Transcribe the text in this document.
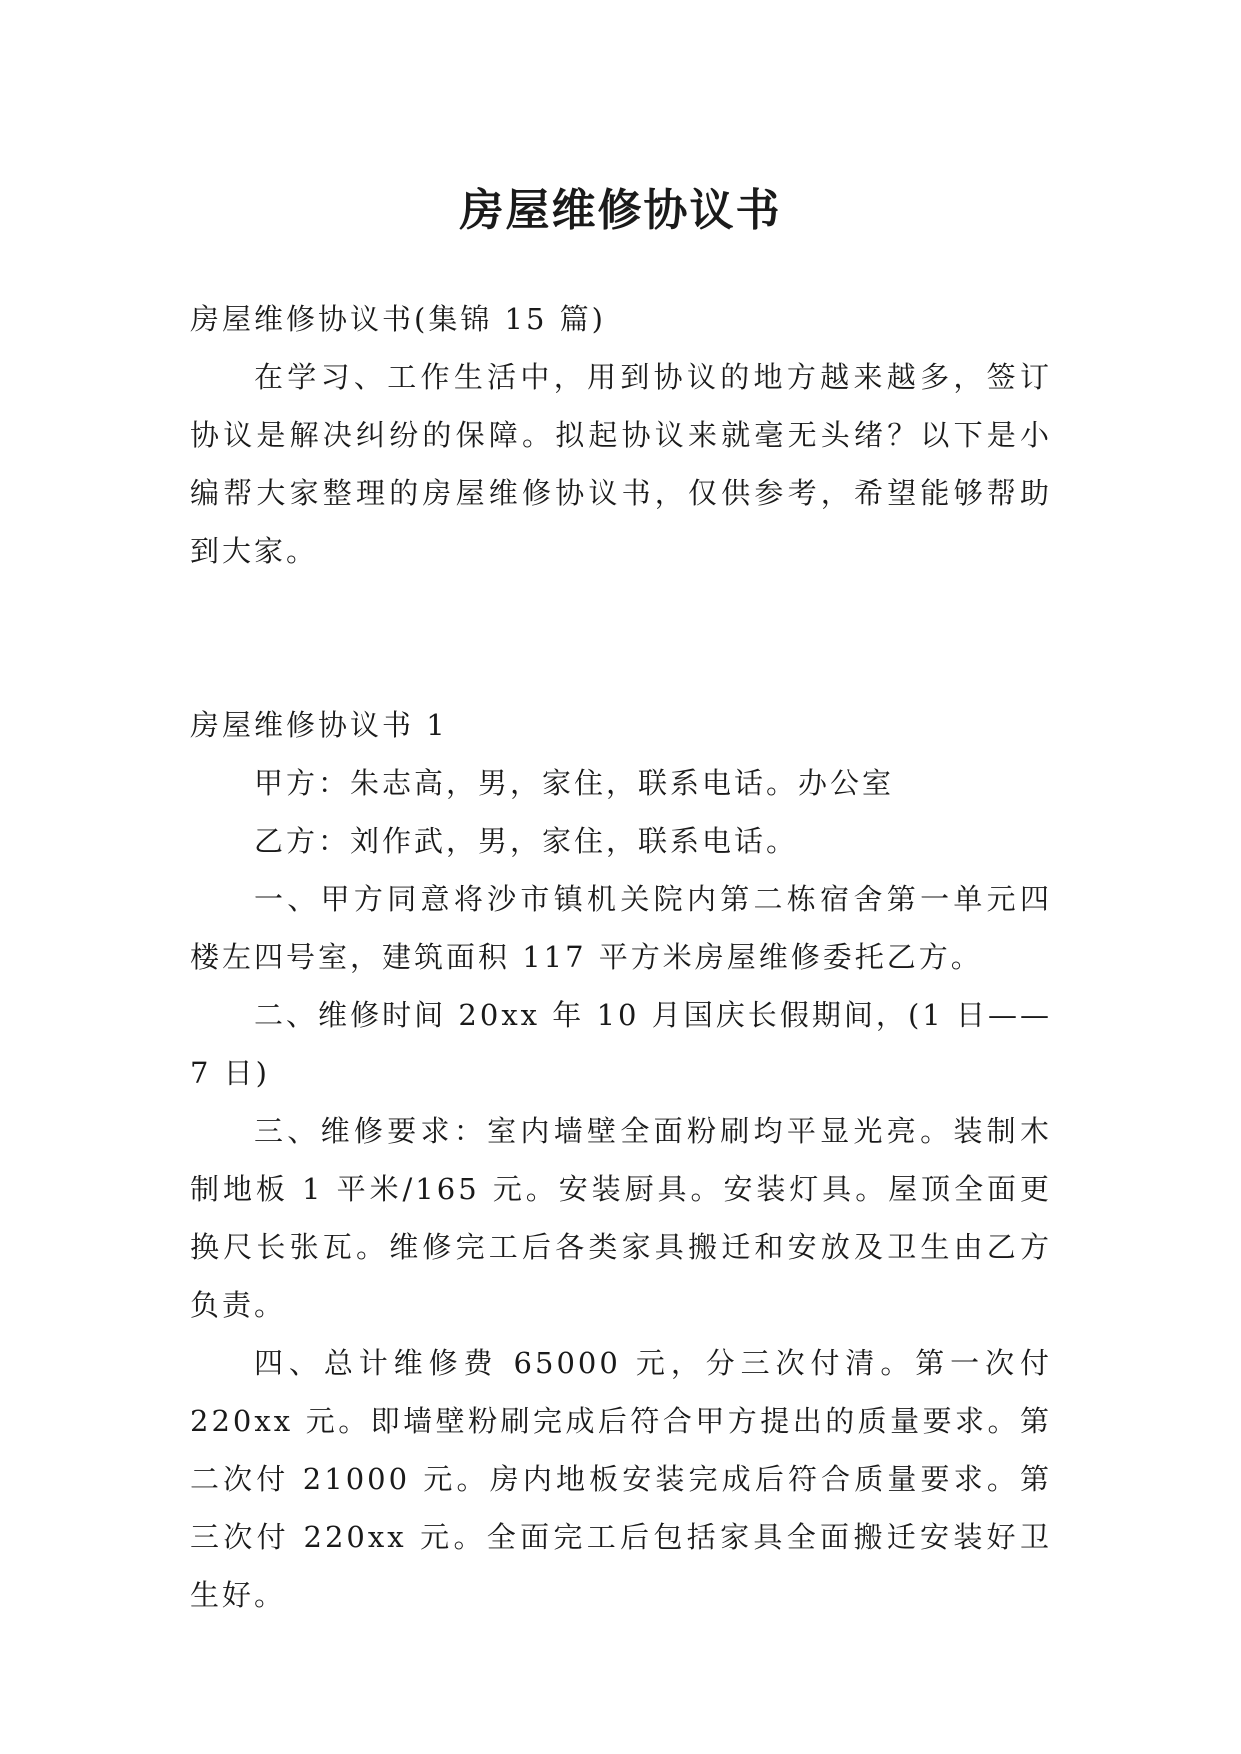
房屋维修协议书

房屋维修协议书(集锦 15 篇)

在学习、工作生活中，用到协议的地方越来越多，签订协议是解决纠纷的保障。拟起协议来就毫无头绪？以下是小编帮大家整理的房屋维修协议书，仅供参考，希望能够帮助到大家。

房屋维修协议书 1

甲方：朱志高，男，家住，联系电话。办公室

乙方：刘作武，男，家住，联系电话。

一、甲方同意将沙市镇机关院内第二栋宿舍第一单元四楼左四号室，建筑面积 117 平方米房屋维修委托乙方。

二、维修时间 20xx 年 10 月国庆长假期间，(1 日——7 日)

三、维修要求：室内墙壁全面粉刷均平显光亮。装制木制地板 1 平米/165 元。安装厨具。安装灯具。屋顶全面更换尺长张瓦。维修完工后各类家具搬迁和安放及卫生由乙方负责。

四、总计维修费 65000 元，分三次付清。第一次付 220xx 元。即墙壁粉刷完成后符合甲方提出的质量要求。第二次付 21000 元。房内地板安装完成后符合质量要求。第三次付 220xx 元。全面完工后包括家具全面搬迁安装好卫生好。
